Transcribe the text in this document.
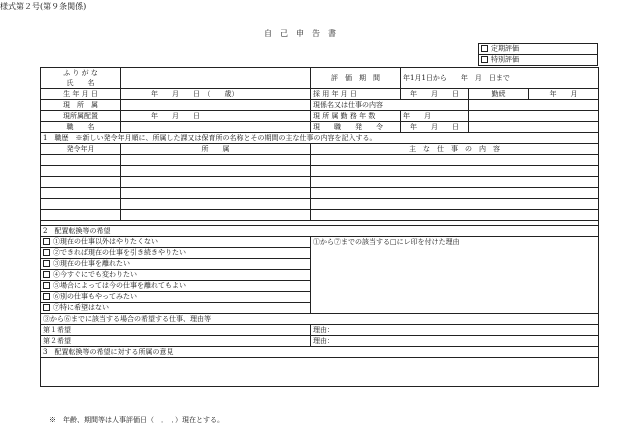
様式第２号(第９条関係)
自　己　申　告　書
定期評価
特別評価
ふ り が な		評　価　期　間	年1月1日から　　年　月　日まで		
氏　　名					
生 年 月 日	年　　月　　日　（　　歳）	採 用 年 月 日	年　　月　　日	勤続	年　　月
現　所　属		現係名又は仕事の内容			
現所属配置	年　　月　　日	現 所 属 勤 務 年 数	年　　月		
職　　名		現　　職　　発　　令	年　　月　　日		
1　職歴　※新しい発令年月順に、所属した課又は保育所の名称とその期間の主な仕事の内容を記入する。					
発令年月	所　　属	主　な　仕　事　の　内　容			

2　配置転換等の希望					
①現在の仕事以外はやりたくない		①から⑦までの該当する□にレ印を付けた理由			
②できれば現在の仕事を引き続きやりたい					
③現在の仕事を離れたい					
④今すぐにでも変わりたい					
⑤場合によっては今の仕事を離れてもよい					
⑥別の仕事もやってみたい					
⑦特に希望はない					
③から⑥までに該当する場合の希望する仕事、理由等					
第１希望		理由：			
第２希望		理由：			
3　配置転換等の希望に対する所属の意見					

※　年齢、期間等は人事評価日（　．　．）現在とする。
